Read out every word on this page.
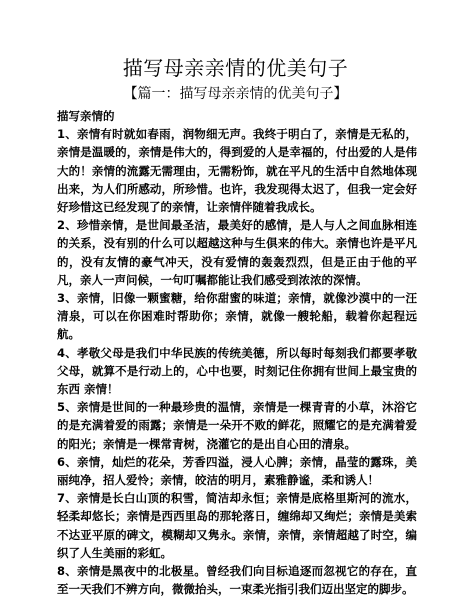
描写母亲亲情的优美句子
【篇一：描写母亲亲情的优美句子】

描写亲情的

1、亲情有时就如春雨，润物细无声。我终于明白了，亲情是无私的，亲情是温暖的，亲情是伟大的，得到爱的人是幸福的，付出爱的人是伟大的！亲情的流露无需理由，无需粉饰，就在平凡的生活中自然地体现出来，为人们所感动，所珍惜。也许，我发现得太迟了，但我一定会好好珍惜这已经发现了的亲情，让亲情伴随着我成长。

2、珍惜亲情，是世间最圣洁，最美好的感情，是人与人之间血脉相连的关系，没有别的什么可以超越这种与生俱来的伟大。亲情也许是平凡的，没有友情的豪气冲天，没有爱情的轰轰烈烈，但是正由于他的平凡，亲人一声问候，一句叮嘱都能让我们感受到浓浓的深情。

3、亲情，旧像一颗蜜糖，给你甜蜜的味道；亲情，就像沙漠中的一汪清泉，可以在你困难时帮助你；亲情，就像一艘轮船，载着你起程远航。

4、孝敬父母是我们中华民族的传统美德，所以每时每刻我们都要孝敬父母，就算不是行动上的，心中也要，时刻记住你拥有世间上最宝贵的东西 亲情！

5、亲情是世间的一种最珍贵的温情，亲情是一棵青青的小草，沐浴它的是充满着爱的雨露；亲情是一朵开不败的鲜花，照耀它的是充满着爱的阳光；亲情是一棵常青树，浇灌它的是出自心田的清泉。

6、亲情，灿烂的花朵，芳香四溢，浸人心脾；亲情，晶莹的露珠，美丽纯净，招人爱怜；亲情，皎洁的明月，素雅静谧，柔和诱人！

7、亲情是长白山顶的积雪，简洁却永恒；亲情是底格里斯河的流水，轻柔却悠长；亲情是西西里岛的那轮落日，缠绵却又绚烂；亲情是美索不达亚平原的碑文，模糊却又隽永。亲情，亲情，亲情超越了时空，编织了人生美丽的彩虹。

8、亲情是黑夜中的北极星。曾经我们向目标追逐而忽视它的存在，直至一天我们不辨方向，微微抬头，一束柔光指引我们迈出坚定的脚步。
